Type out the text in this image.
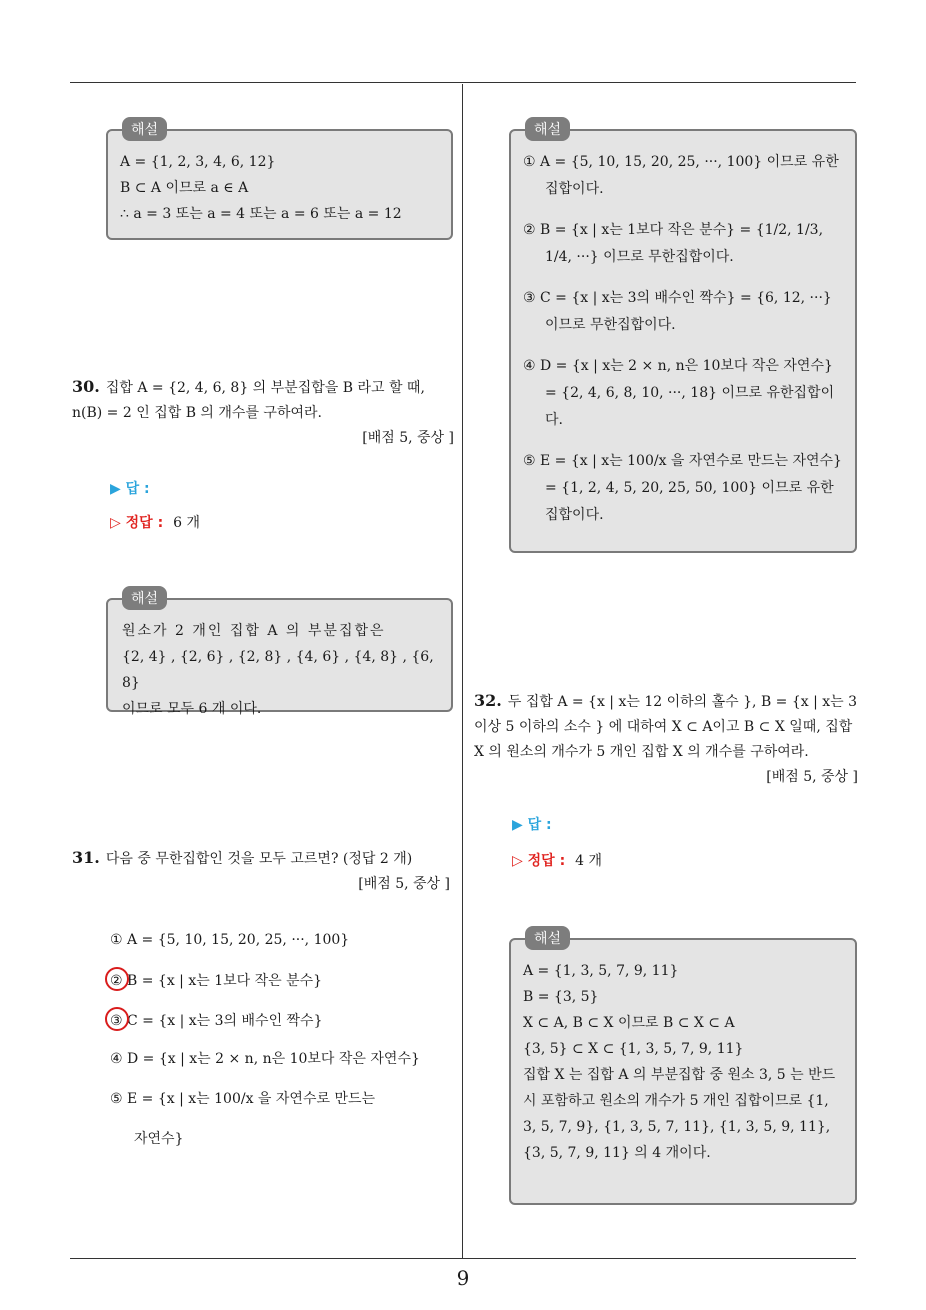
9
해설
A = {1, 2, 3, 4, 6, 12}
B ⊂ A 이므로 a ∈ A
∴ a = 3 또는 a = 4 또는 a = 6 또는 a = 12
30. 집합 A = {2, 4, 6, 8} 의 부분집합을 B 라고 할 때, n(B) = 2 인 집합 B 의 개수를 구하여라.
[배점 5, 중상 ]
▶ 답 :
▷ 정답 : 6 개
해설
원소가 2 개인 집합 A 의 부분집합은
{2, 4} , {2, 6} , {2, 8} , {4, 6} , {4, 8} , {6, 8}
이므로 모두 6 개 이다.
31. 다음 중 무한집합인 것을 모두 고르면? (정답 2 개)
[배점 5, 중상 ]
① A = {5, 10, 15, 20, 25, ···, 100}
② B = {x | x는 1보다 작은 분수}
③ C = {x | x는 3의 배수인 짝수}
④ D = {x | x는 2 × n, n은 10보다 작은 자연수}
⑤ E = {x | x는 100/x 을 자연수로 만드는
자연수}
해설
① A = {5, 10, 15, 20, 25, ···, 100} 이므로 유한집합이다.
② B = {x | x는 1보다 작은 분수} = {1/2, 1/3, 1/4, ···} 이므로 무한집합이다.
③ C = {x | x는 3의 배수인 짝수} = {6, 12, ···} 이므로 무한집합이다.
④ D = {x | x는 2 × n, n은 10보다 작은 자연수} = {2, 4, 6, 8, 10, ···, 18} 이므로 유한집합이다.
⑤ E = {x | x는 100/x 을 자연수로 만드는 자연수} = {1, 2, 4, 5, 20, 25, 50, 100} 이므로 유한집합이다.
32. 두 집합 A = {x | x는 12 이하의 홀수 }, B = {x | x는 3 이상 5 이하의 소수 } 에 대하여 X ⊂ A이고 B ⊂ X 일때, 집합 X 의 원소의 개수가 5 개인 집합 X 의 개수를 구하여라.
[배점 5, 중상 ]
▶ 답 :
▷ 정답 : 4 개
해설
A = {1, 3, 5, 7, 9, 11}
B = {3, 5}
X ⊂ A, B ⊂ X 이므로 B ⊂ X ⊂ A
{3, 5} ⊂ X ⊂ {1, 3, 5, 7, 9, 11}
집합 X 는 집합 A 의 부분집합 중 원소 3, 5 는 반드시 포함하고 원소의 개수가 5 개인 집합이므로 {1, 3, 5, 7, 9}, {1, 3, 5, 7, 11}, {1, 3, 5, 9, 11}, {3, 5, 7, 9, 11} 의 4 개이다.
